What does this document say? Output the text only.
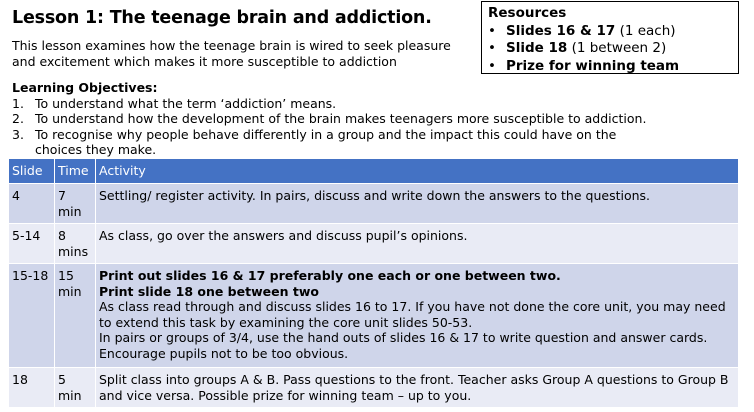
Lesson 1: The teenage brain and addiction.
This lesson examines how the teenage brain is wired to seek pleasure and excitement which makes it more susceptible to addiction
Resources
• Slides 16 & 17 (1 each)
• Slide 18 (1 between 2)
• Prize for winning team
Learning Objectives:
1. To understand what the term ‘addiction’ means.
2. To understand how the development of the brain makes teenagers more susceptible to addiction.
3. To recognise why people behave differently in a group and the impact this could have on the choices they make.
Slide	Time	Activity
4	7 min	Settling/ register activity. In pairs, discuss and write down the answers to the questions.
5-14	8 mins	As class, go over the answers and discuss pupil’s opinions.
15-18	15 min	Print out slides 16 & 17 preferably one each or one between two.
Print slide 18 one between two
As class read through and discuss slides 16 to 17. If you have not done the core unit, you may need to extend this task by examining the core unit slides 50-53.
In pairs or groups of 3/4, use the hand outs of slides 16 & 17 to write question and answer cards. Encourage pupils not to be too obvious.

18	5 min	Split class into groups A & B. Pass questions to the front. Teacher asks Group A questions to Group B and vice versa. Possible prize for winning team – up to you.
